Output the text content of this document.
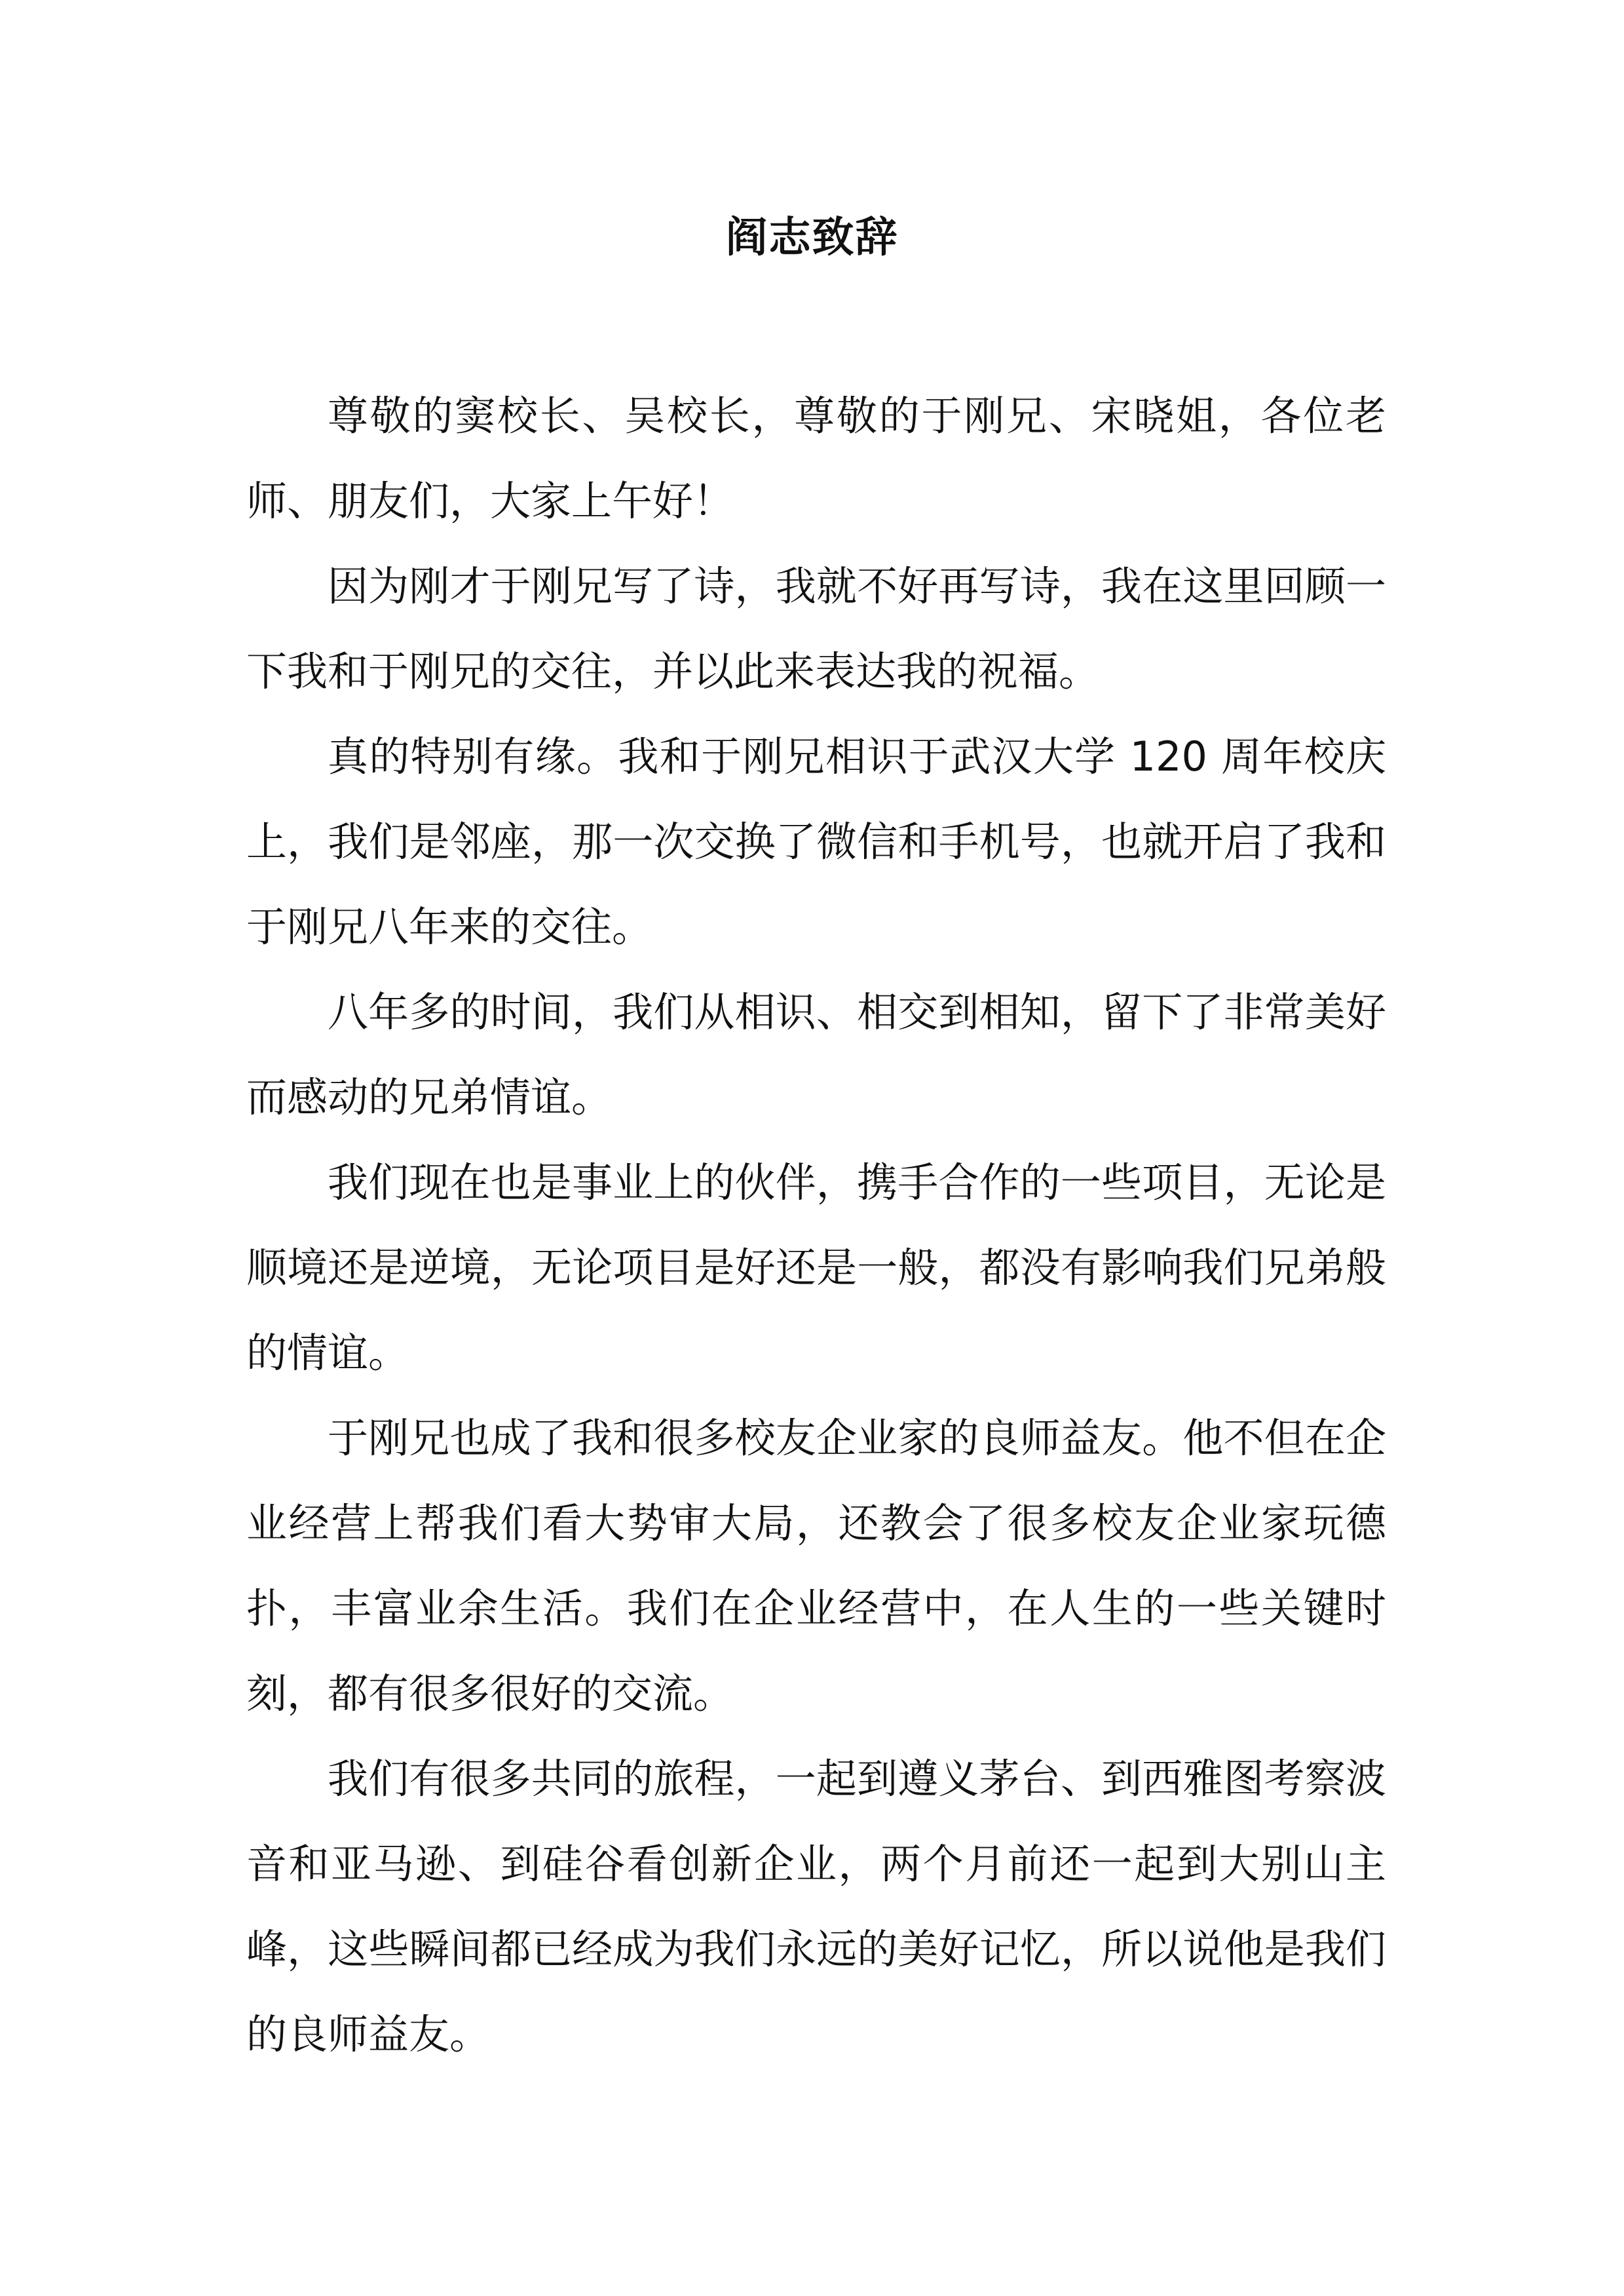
阎志致辞

尊敬的窦校长、吴校长，尊敬的于刚兄、宋晓姐，各位老师、朋友们，大家上午好！

因为刚才于刚兄写了诗，我就不好再写诗，我在这里回顾一下我和于刚兄的交往，并以此来表达我的祝福。

真的特别有缘。我和于刚兄相识于武汉大学 120 周年校庆上，我们是邻座，那一次交换了微信和手机号，也就开启了我和于刚兄八年来的交往。

八年多的时间，我们从相识、相交到相知，留下了非常美好而感动的兄弟情谊。

我们现在也是事业上的伙伴，携手合作的一些项目，无论是顺境还是逆境，无论项目是好还是一般，都没有影响我们兄弟般的情谊。

于刚兄也成了我和很多校友企业家的良师益友。他不但在企业经营上帮我们看大势审大局，还教会了很多校友企业家玩德扑，丰富业余生活。我们在企业经营中，在人生的一些关键时刻，都有很多很好的交流。

我们有很多共同的旅程，一起到遵义茅台、到西雅图考察波音和亚马逊、到硅谷看创新企业，两个月前还一起到大别山主峰，这些瞬间都已经成为我们永远的美好记忆，所以说他是我们的良师益友。
